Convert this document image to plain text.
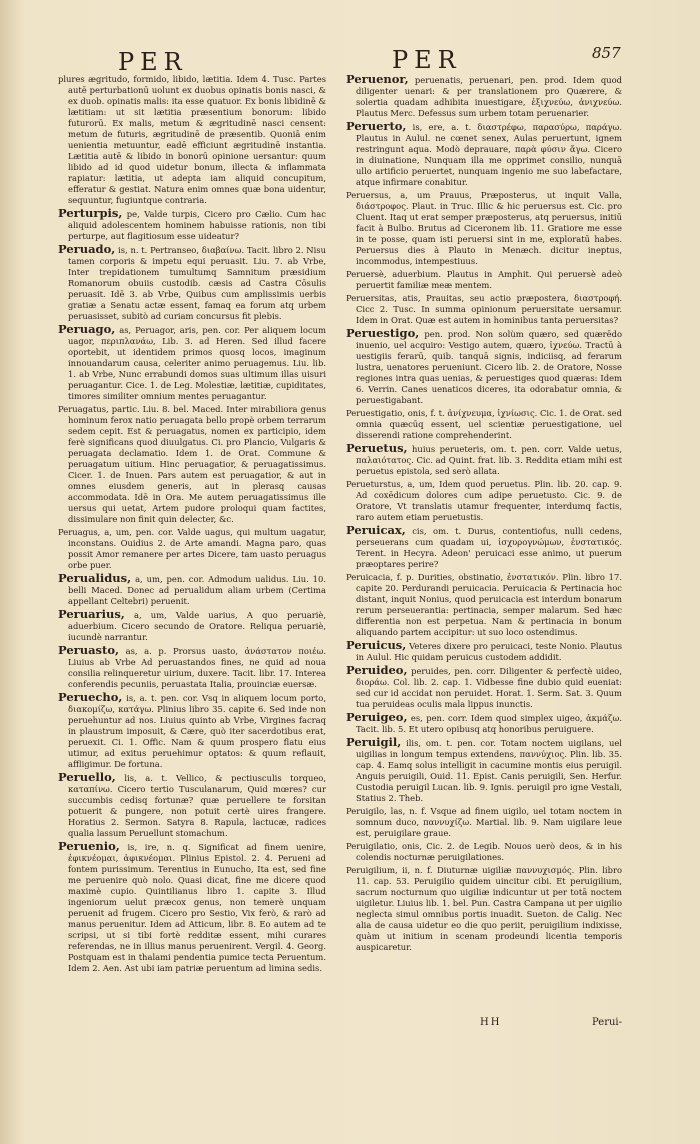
PER	PER	857
plures ægritudo, formido, libido, lætitia. Idem 4. Tusc. Partes autē perturbationū uolunt ex duobus opinatis bonis nasci, & ex duob. opinatis malis: ita esse quatuor. Ex bonis libidinē & lætitiam: ut sit lætitia præsentium bonorum: libido futurorū. Ex malis, metum & ægritudinē nasci censent: metum de futuris, ægritudinē de præsentib. Quoniā enim uenientia metuuntur, eadē efficiunt ægritudinē instantia. Lætitia autē & libido in bonorū opinione uersantur: quum libido ad id quod uidetur bonum, illecta & inflammata rapiatur: lætitia, ut adepta iam aliquid concupitum, efferatur & gestiat. Natura enim omnes quæ bona uidentur, sequuntur, fugiuntque contraria.
Perturpis, pe, Valde turpis, Cicero pro Cælio. Cum hac aliquid adolescentem hominem habuisse rationis, non tibi perturpe, aut flagitiosum esse uideatur?
Peruado, is, n. t. Pertranseo, διαβαίνω. Tacit. libro 2. Nisu tamen corporis & impetu equi peruasit. Liu. 7. ab Vrbe, Inter trepidationem tumultumq Samnitum præsidium Romanorum obuiis custodib. cæsis ad Castra Cōsulis peruasit. Idē 3. ab Vrbe, Quibus cum amplissimis uerbis gratiæ a Senatu actæ essent, famaq ea forum atq urbem peruasisset, subitò ad curiam concursus fit plebis.
Peruago, as, Peruagor, aris, pen. cor. Per aliquem locum uagor, περιπλανάω, Lib. 3. ad Heren. Sed illud facere oportebit, ut identidem primos quosq locos, imaginum innouandarum causa, celeriter animo peruagemus. Liu. lib. 1. ab Vrbe, Nunc errabundi domos suas ultimum illas uisuri peruagantur. Cice. 1. de Leg. Molestiæ, lætitiæ, cupiditates, timores similiter omnium mentes peruagantur.
Peruagatus, partic. Liu. 8. bel. Maced. Inter mirabiliora genus hominum ferox natio peruagata bello propè orbem terrarum sedem cepit. Est & peruagatus, nomen ex participio, idem ferè significans quod diuulgatus. Ci. pro Plancio, Vulgaris & peruagata declamatio. Idem 1. de Orat. Commune & peruagatum uitium. Hinc peruagatior, & peruagatissimus. Cicer. 1. de Inuen. Pars autem est peruagatior, & aut in omnes eiusdem generis, aut in plerasq causas accommodata. Idē in Ora. Me autem peruagatissimus ille uersus qui uetat, Artem pudore proloqui quam factites, dissimulare non finit quin delecter, &c.
Peruagus, a, um, pen. cor. Valde uagus, qui multum uagatur, inconstans. Ouidius 2. de Arte amandi. Magna paro, quas possit Amor remanere per artes Dicere, tam uasto peruagus orbe puer.
Perualidus, a, um, pen. cor. Admodum ualidus. Liu. 10. belli Maced. Donec ad perualidum aliam urbem (Certima appellant Celtebri) peruenit.
Peruarius, a, um, Valde uarius, A quo peruariè, aduerbium. Cicero secundo de Oratore. Reliqua peruariè, iucundè narrantur.
Peruasto, as, a. p. Prorsus uasto, ἀνάστατον ποιέω. Liuius ab Vrbe Ad peruastandos fines, ne quid ad noua consilia relinqueretur uirium, duxere. Tacit. libr. 17. Interea conferendis pecuniis, peruastata Italia, prouinciæ euersæ.
Peruecho, is, a. t. pen. cor. Vsq in aliquem locum porto, διακομίζω, κατάγω. Plinius libro 35. capite 6. Sed inde non peruehuntur ad nos. Liuius quinto ab Vrbe, Virgines facraq in plaustrum imposuit, & Cære, quò iter sacerdotibus erat, peruexit. Ci. 1. Offic. Nam & quum prospero flatu eius utimur, ad exitus peruehimur optatos: & quum reflauit, affligimur. De fortuna.
Peruello, lis, a. t. Vellico, & pectiusculis torqueo, καταπίνω. Cicero tertio Tusculanarum, Quid mœres? cur succumbis cedisq fortunæ? quæ peruellere te forsitan potuerit & pungere, non potuit certè uires frangere. Horatius 2. Sermon. Satyra 8. Rapula, lactucæ, radices qualia lassum Peruellunt stomachum.
Peruenio, is, ire, n. q. Significat ad finem uenire, ἐφικνέομαι, ἀφικνέομαι. Plinius Epistol. 2. 4. Perueni ad fontem purissimum. Terentius in Eunucho, Ita est, sed fine me peruenire quò nolo. Quasi dicat, fine me dicere quod maximè cupio. Quintilianus libro 1. capite 3. Illud ingeniorum uelut præcox genus, non temerè unquam peruenit ad frugem. Cicero pro Sestio, Vix ferò, & rarò ad manus peruenitur. Idem ad Atticum, libr. 8. Eo autem ad te scripsi, ut si tibi fortè redditæ essent, mihi curares referendas, ne in illius manus peruenirent. Vergil. 4. Georg. Postquam est in thalami pendentia pumice tecta Peruentum. Idem 2. Aen. Ast ubi iam patriæ peruentum ad limina sedis.
Peruenor, peruenatis, peruenari, pen. prod. Idem quod diligenter uenari: & per translationem pro Quærere, & solertia quadam adhibita inuestigare, ἐξιχνεύω, ἀνιχνεύω. Plautus Merc. Defessus sum urbem totam peruenarier.
Peruerto, is, ere, a. t. διαστρέφω, παρασύρω, παράγω. Plautus in Aulul. ne cœnet senex, Aulas peruertunt, ignem restringunt aqua. Modò deprauare, παρὰ φύσιν ἄγω. Cicero in diuinatione, Nunquam illa me opprimet consilio, nunquā ullo artificio peruertet, nunquam ingenio me suo labefactare, atque infirmare conabitur.
Peruersus, a, um Prauus, Præposterus, ut inquit Valla, διάστροφος. Plaut. in Truc. Illic & hic peruersus est. Cic. pro Cluent. Itaq ut erat semper præposterus, atq peruersus, initiū facit à Bulbo. Brutus ad Ciceronem lib. 11. Gratiore me esse in te posse, quam isti peruersi sint in me, exploratū habes. Peruersus dies à Plauto in Menæch. dicitur ineptus, incommodus, intempestiuus.
Peruersè, aduerbium. Plautus in Amphit. Qui peruersè adeò peruertit familiæ meæ mentem.
Peruersitas, atis, Prauitas, seu actio præpostera, διαστροφή. Cicc 2. Tusc. In summa opinionum peruersitate uersamur. Idem in Orat. Quæ est autem in hominibus tanta peruersitas?
Peruestigo, pen. prod. Non solùm quæro, sed quærēdo inuenio, uel acquiro: Vestigo autem, quæro, ἰχνεύω. Tractū à uestigiis ferarū, quib. tanquā signis, indiciisq, ad ferarum lustra, uenatores perueniunt. Cicero lib. 2. de Oratore, Nosse regiones intra quas uenias, & peruestiges quod quæras: Idem 6. Verrin. Canes uenaticos diceres, ita odorabatur omnia, & peruestigabant.
Peruestigatio, onis, f. t. ἀνίχνευμα, ἰχνίωσις. Cic. 1. de Orat. sed omnia quæcūq essent, uel scientiæ peruestigatione, uel disserendi ratione comprehenderint.
Peruetus, huius perueteris, om. t. pen. corr. Valde uetus, παλαιότατος. Cic. ad Quint. frat. lib. 3. Reddita etiam mihi est peruetus epistola, sed serò allata.
Perueturstus, a, um, Idem quod peruetus. Plin. lib. 20. cap. 9. Ad coxēdicum dolores cum adipe peruetusto. Cic. 9. de Oratore, Vt translatis utamur frequenter, interdumq factis, raro autem etiam peruetustis.
Peruicax, cis, om. t. Durus, contentiofus, nulli cedens, perseuerans cum quadam ui, ἰσχυρογνώμων, ἐνστατικός. Terent. in Hecyra. Adeon' peruicaci esse animo, ut puerum præoptares perire?
Peruicacia, f. p. Durities, obstinatio, ἐνστατικόν. Plin. libro 17. capite 20. Perdurandi peruicacia. Peruicacia & Pertinacia hoc distant, inquit Nonius, quod peruicacia est interdum bonarum rerum perseuerantia: pertinacia, semper malarum. Sed hæc differentia non est perpetua. Nam & pertinacia in bonum aliquando partem accipitur: ut suo loco ostendimus.
Peruicus, Veteres dixere pro peruicaci, teste Nonio. Plautus in Aulul. Hic quidam peruicus custodem addidit.
Peruideo, peruides, pen. corr. Diligenter & perfectè uideo, διοράω. Col. lib. 2. cap. 1. Vidbesse fine dubio quid eueniat: sed cur id accidat non peruidet. Horat. 1. Serm. Sat. 3. Quum tua peruideas oculis mala lippus inunctis.
Peruigeo, es, pen. corr. Idem quod simplex uigeo, ἀκμάζω. Tacit. lib. 5. Et utero opibusq atq honoribus peruiguere.
Peruigil, ilis, om. t. pen. cor. Totam noctem uigilans, uel uigilias in longum tempus extendens, παννύχιος. Plin. lib. 35. cap. 4. Eamq solus intelligit in cacumine montis eius peruigil. Anguis peruigili, Ouid. 11. Epist. Canis peruigili, Sen. Herfur. Custodia peruigil Lucan. lib. 9. Ignis. peruigil pro igne Vestali, Statius 2. Theb.
Peruigilo, las, n. f. Vsque ad finem uigilo, uel totam noctem in somnum duco, παννυχίζω. Martial. lib. 9. Nam uigilare leue est, peruigilare graue.
Peruigilatio, onis, Cic. 2. de Legib. Nouos uerò deos, & in his colendis nocturnæ peruigilationes.
Peruigilium, ii, n. f. Diuturnæ uigiliæ παννυχισμός. Plin. libro 11. cap. 53. Peruigilio quidem uincitur cibi. Et peruigilium, sacrum nocturnum quo uigiliæ indicuntur ut per totā noctem uigiletur. Liuius lib. 1. bel. Pun. Castra Campana ut per uigilio neglecta simul omnibus portis inuadit. Sueton. de Calig. Nec alia de causa uidetur eo die quo periit, peruigilium indixisse, quàm ut initium in scenam prodeundi licentia temporis auspicaretur.
HH	Perui-
